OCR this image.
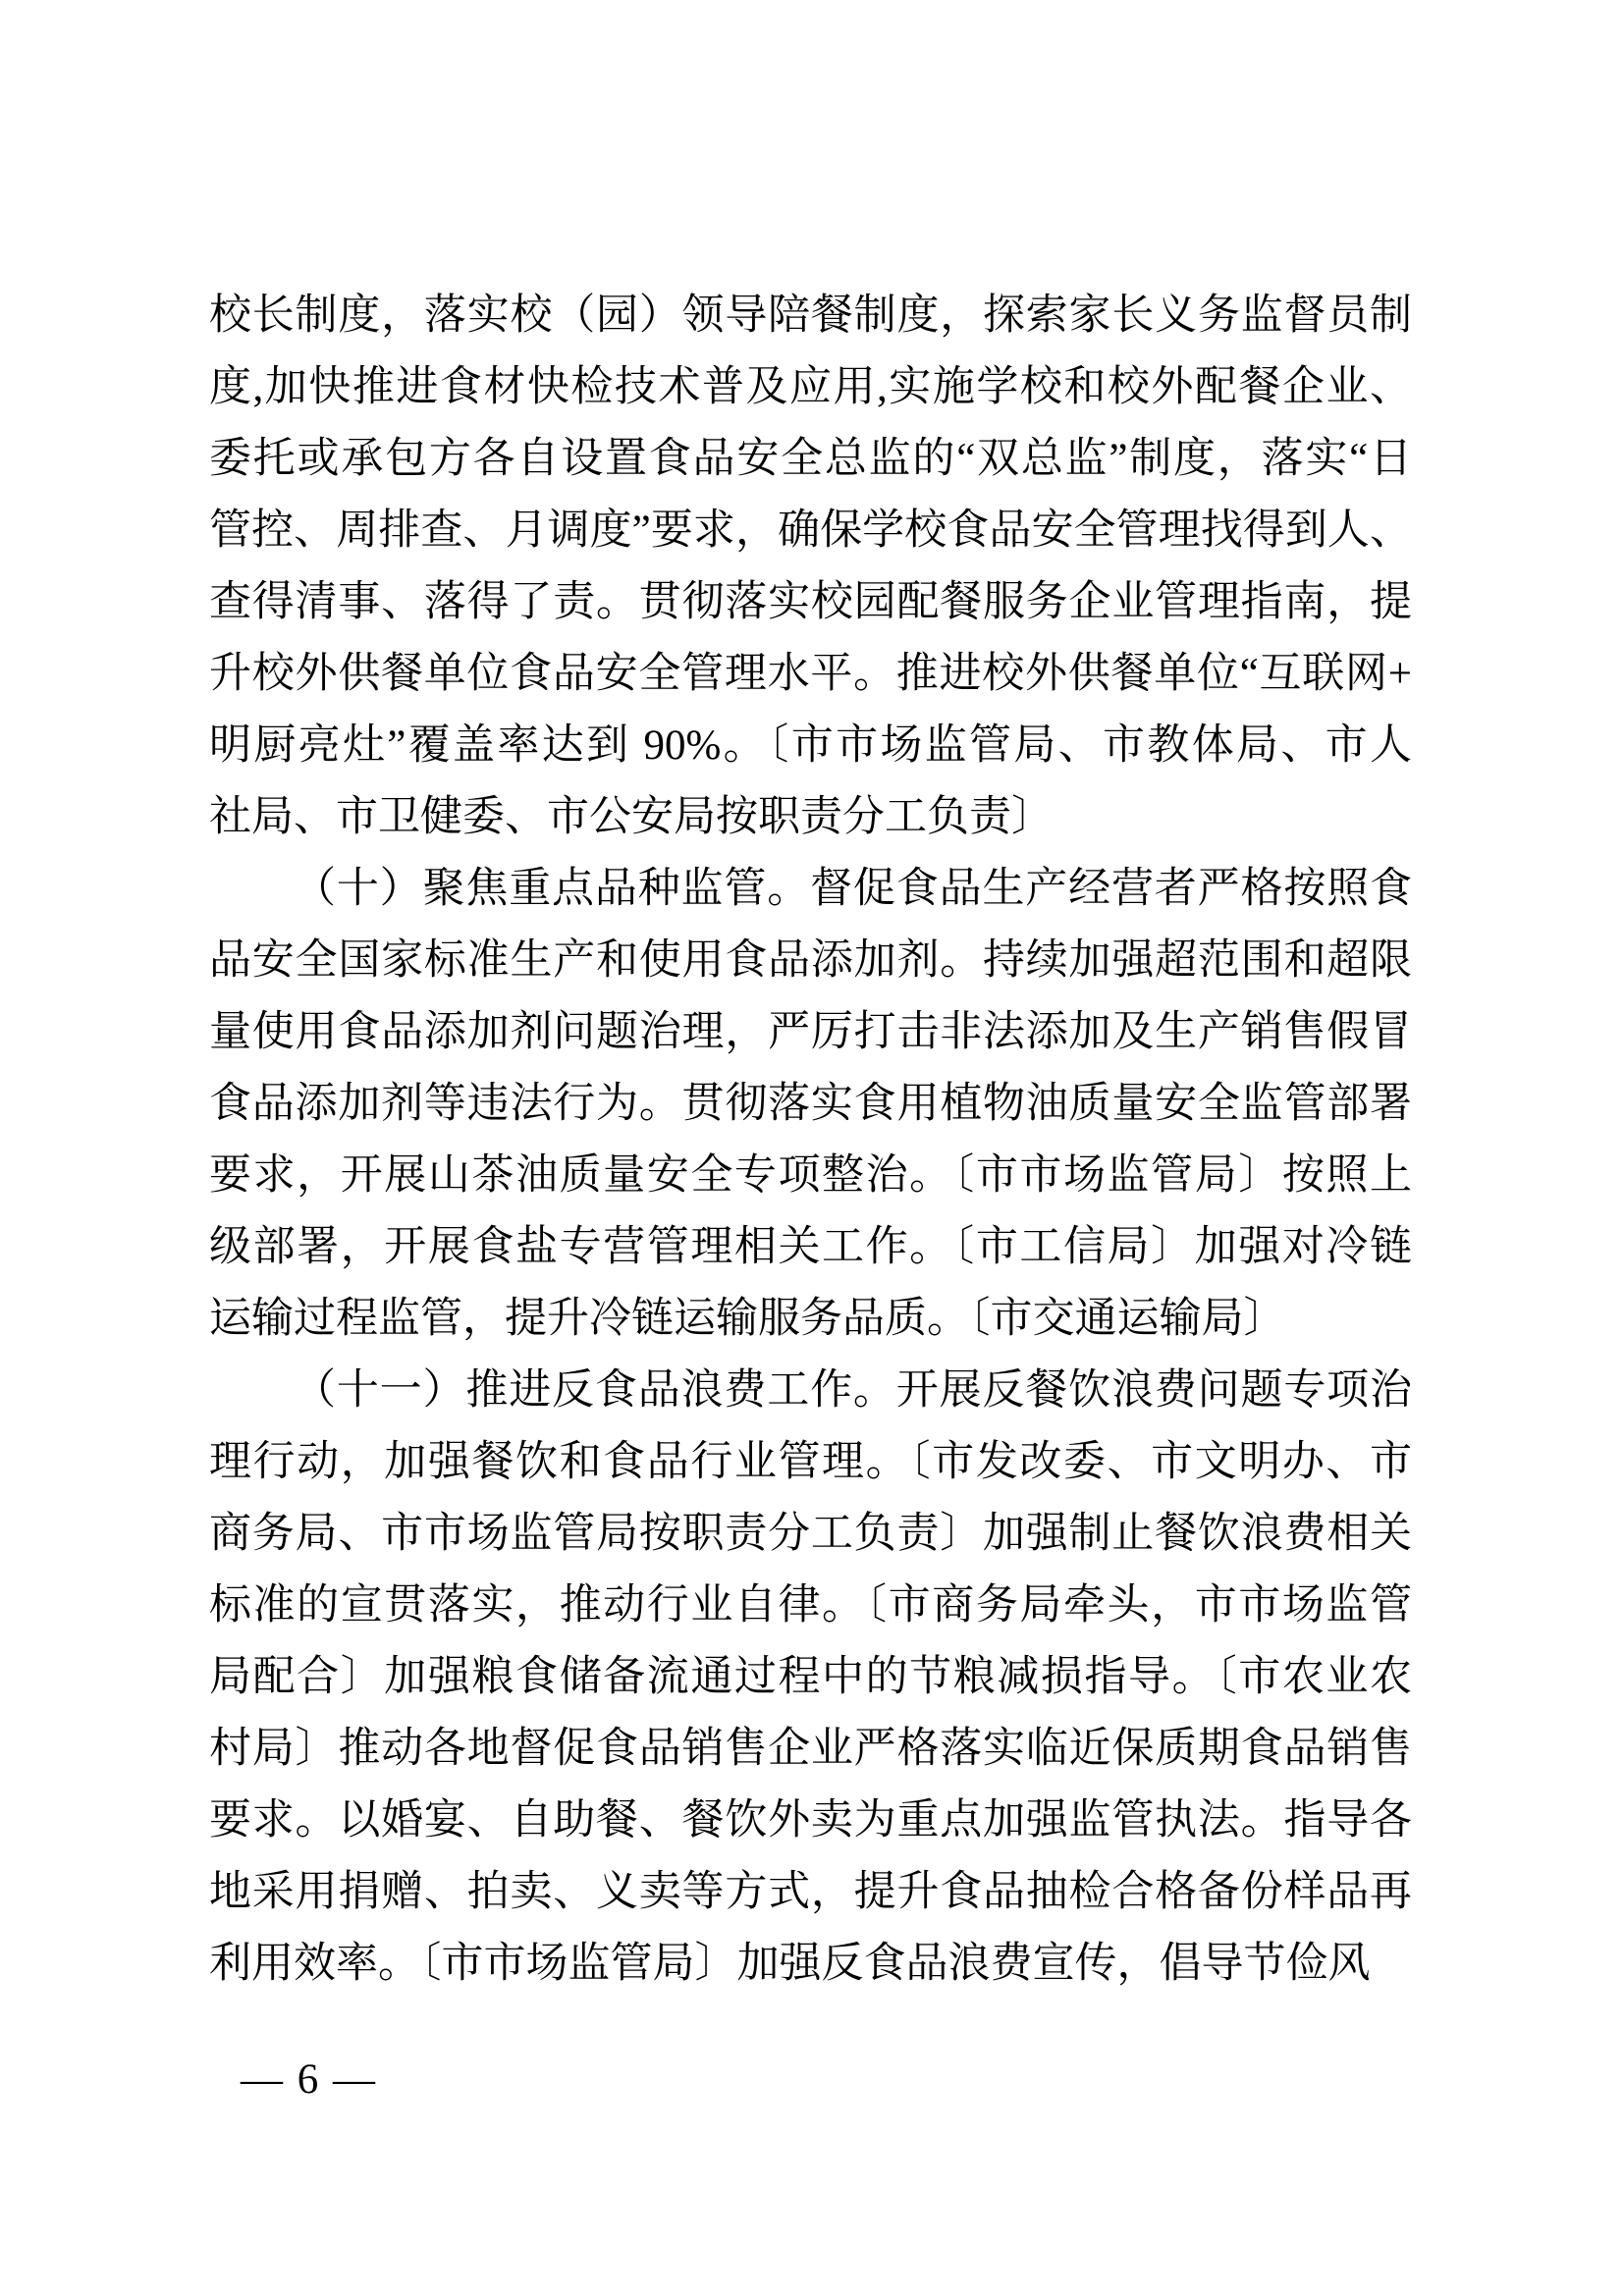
校长制度，落实校（园）领导陪餐制度，探索家长义务监督员制

度,加快推进食材快检技术普及应用,实施学校和校外配餐企业、

委托或承包方各自设置食品安全总监的“双总监”制度，落实“日

管控、周排查、月调度”要求，确保学校食品安全管理找得到人、

查得清事、落得了责。贯彻落实校园配餐服务企业管理指南，提

升校外供餐单位食品安全管理水平。推进校外供餐单位“互联网+

明厨亮灶”覆盖率达到 90%。〔市市场监管局、市教体局、市人

社局、市卫健委、市公安局按职责分工负责〕

（十）聚焦重点品种监管。督促食品生产经营者严格按照食

品安全国家标准生产和使用食品添加剂。持续加强超范围和超限

量使用食品添加剂问题治理，严厉打击非法添加及生产销售假冒

食品添加剂等违法行为。贯彻落实食用植物油质量安全监管部署

要求，开展山茶油质量安全专项整治。〔市市场监管局〕按照上

级部署，开展食盐专营管理相关工作。〔市工信局〕加强对冷链

运输过程监管，提升冷链运输服务品质。〔市交通运输局〕

（十一）推进反食品浪费工作。开展反餐饮浪费问题专项治

理行动，加强餐饮和食品行业管理。〔市发改委、市文明办、市

商务局、市市场监管局按职责分工负责〕加强制止餐饮浪费相关

标准的宣贯落实，推动行业自律。〔市商务局牵头，市市场监管

局配合〕加强粮食储备流通过程中的节粮减损指导。〔市农业农

村局〕推动各地督促食品销售企业严格落实临近保质期食品销售

要求。以婚宴、自助餐、餐饮外卖为重点加强监管执法。指导各

地采用捐赠、拍卖、义卖等方式，提升食品抽检合格备份样品再

利用效率。〔市市场监管局〕加强反食品浪费宣传，倡导节俭风

— 6 —
